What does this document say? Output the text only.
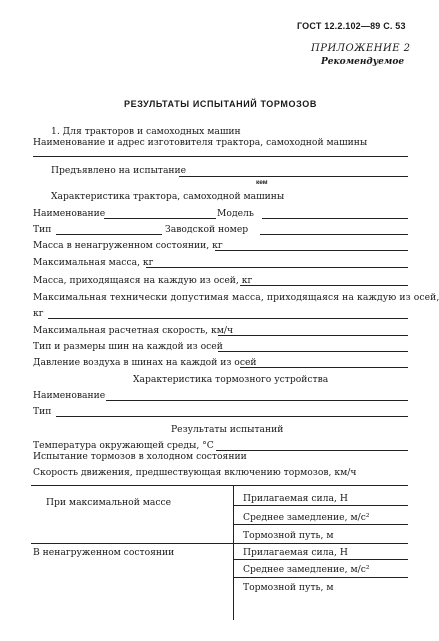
ГОСТ 12.2.102—89 С. 53
ПРИЛОЖЕНИЕ 2
Рекомендуемое
РЕЗУЛЬТАТЫ ИСПЫТАНИЙ ТОРМОЗОВ
1. Для тракторов и самоходных машин
Наименование и адрес изготовителя трактора, самоходной машины
Предъявлено на испытание
кем
Характеристика трактора, самоходной машины
Наименование	Модель
Тип	Заводской номер
Масса в ненагруженном состоянии, кг
Максимальная масса, кг
Масса, приходящаяся на каждую из осей, кг
Максимальная технически допустимая масса, приходящаяся на каждую из осей,
кг
Максимальная расчетная скорость, км/ч
Тип и размеры шин на каждой из осей
Давление воздуха в шинах на каждой из осей
Характеристика тормозного устройства
Наименование
Тип
Результаты испытаний
Температура окружающей среды, °С
Испытание тормозов в холодном состоянии
Скорость движения, предшествующая включению тормозов, км/ч
При максимальной массе	Прилагаемая сила, Н
Среднее замедление, м/с²
Тормозной путь, м
В ненагруженном состоянии	Прилагаемая сила, Н
Среднее замедление, м/с²
Тормозной путь, м
